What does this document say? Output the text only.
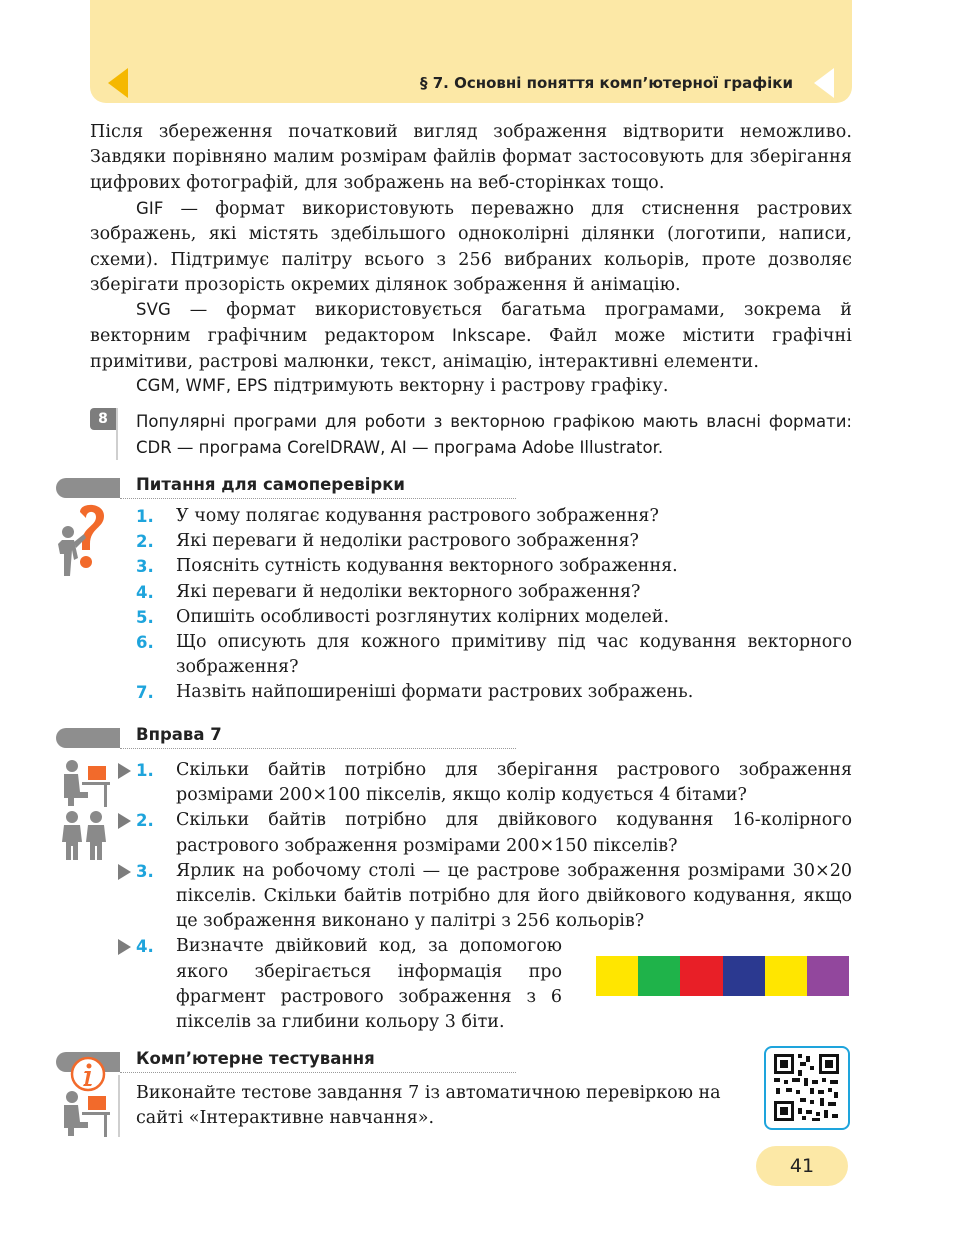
§ 7. Основні поняття комп’ютерної графіки

Після збереження початковий вигляд зображення відтворити неможливо. Завдяки порівняно малим розмірам файлів формат застосовують для зберігання цифрових фотографій, для зображень на веб-сторінках тощо.

GIF — формат використовують переважно для стиснення растрових зображень, які містять здебільшого одноколірні ділянки (логотипи, написи, схеми). Підтримує палітру всього з 256 вибраних кольорів, проте дозволяє зберігати прозорість окремих ділянок зображення й анімацію.

SVG — формат використовується багатьма програмами, зокрема й векторним графічним редактором Inkscape. Файл може містити графічні примітиви, растрові малюнки, текст, анімацію, інтерактивні елементи.

CGM, WMF, EPS підтримують векторну і растрову графіку.

8	Популярні програми для роботи з векторною графікою мають власні формати: CDR — програма CorelDRAW, AI — програма Adobe Illustrator.
Питання для самоперевірки
1. У чому полягає кодування растрового зображення?
2. Які переваги й недоліки растрового зображення?
3. Поясніть сутність кодування векторного зображення.
4. Які переваги й недоліки векторного зображення?
5. Опишіть особливості розглянутих колірних моделей.
6. Що описують для кожного примітиву під час кодування векторного зображення?
7. Назвіть найпоширеніші формати растрових зображень.
Вправа 7
1. Скільки байтів потрібно для зберігання растрового зображення розмірами 200×100 пікселів, якщо колір кодується 4 бітами?
2. Скільки байтів потрібно для двійкового кодування 16-колірного растрового зображення розмірами 200×150 пікселів?
3. Ярлик на робочому столі — це растрове зображення розмірами 30×20 пікселів. Скільки байтів потрібно для його двійкового кодування, якщо це зображення виконано у палітрі з 256 кольорів?
4. Визначте двійковий код, за допомогою якого зберігається інформація про фрагмент растрового зображення з 6 пікселів за глибини кольору 3 біти.
Комп’ютерне тестування
Виконайте тестове завдання 7 із автоматичною перевіркою на сайті «Інтерактивне навчання».
41
